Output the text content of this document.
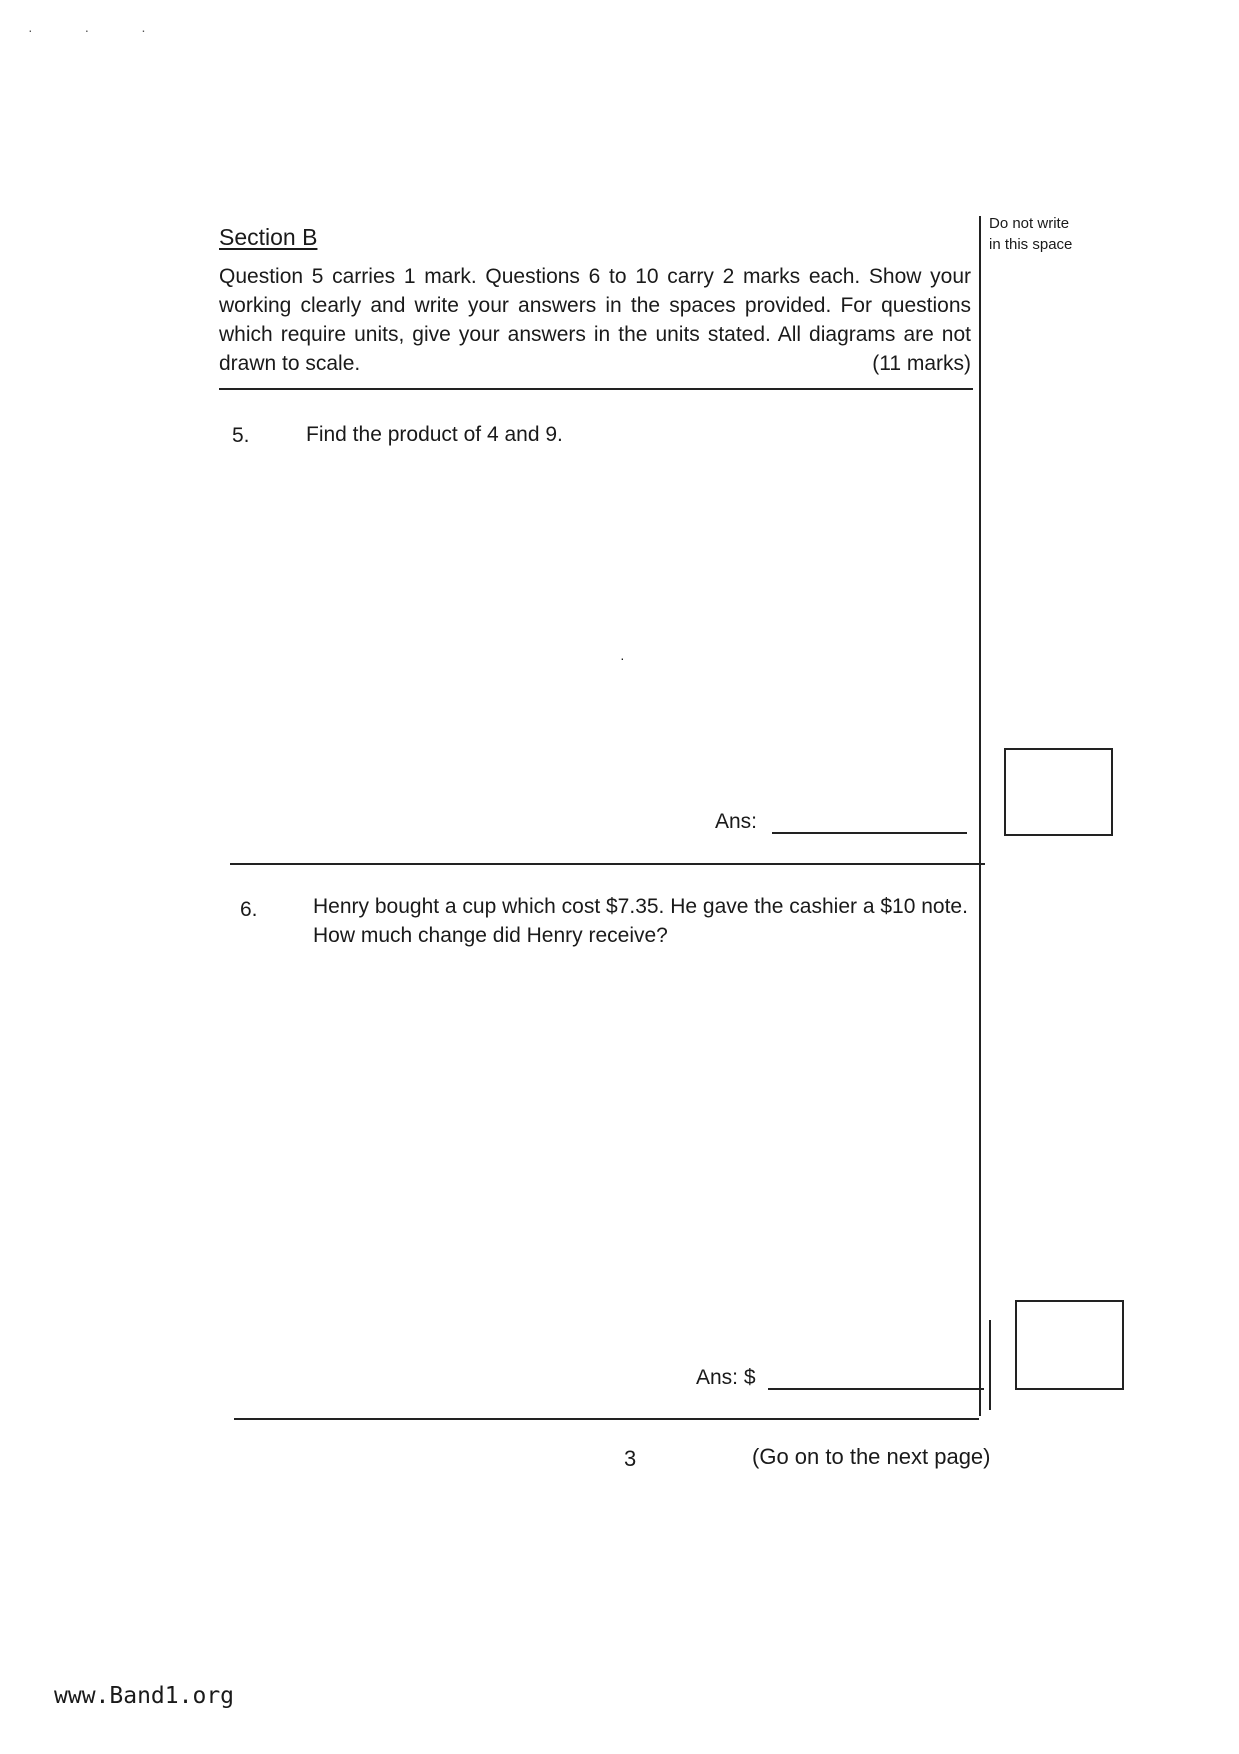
· · ·
Section B
Question 5 carries 1 mark. Questions 6 to 10 carry 2 marks each. Show your working clearly and write your answers in the spaces provided. For questions which require units, give your answers in the units stated. All diagrams are not drawn to scale.	(11 marks)
Do not write
in this space
5.	Find the product of 4 and 9.
·
Ans:
6.	Henry bought a cup which cost $7.35. He gave the cashier a $10 note. How much change did Henry receive?
Ans: $
3	(Go on to the next page)
www.Band1.org
